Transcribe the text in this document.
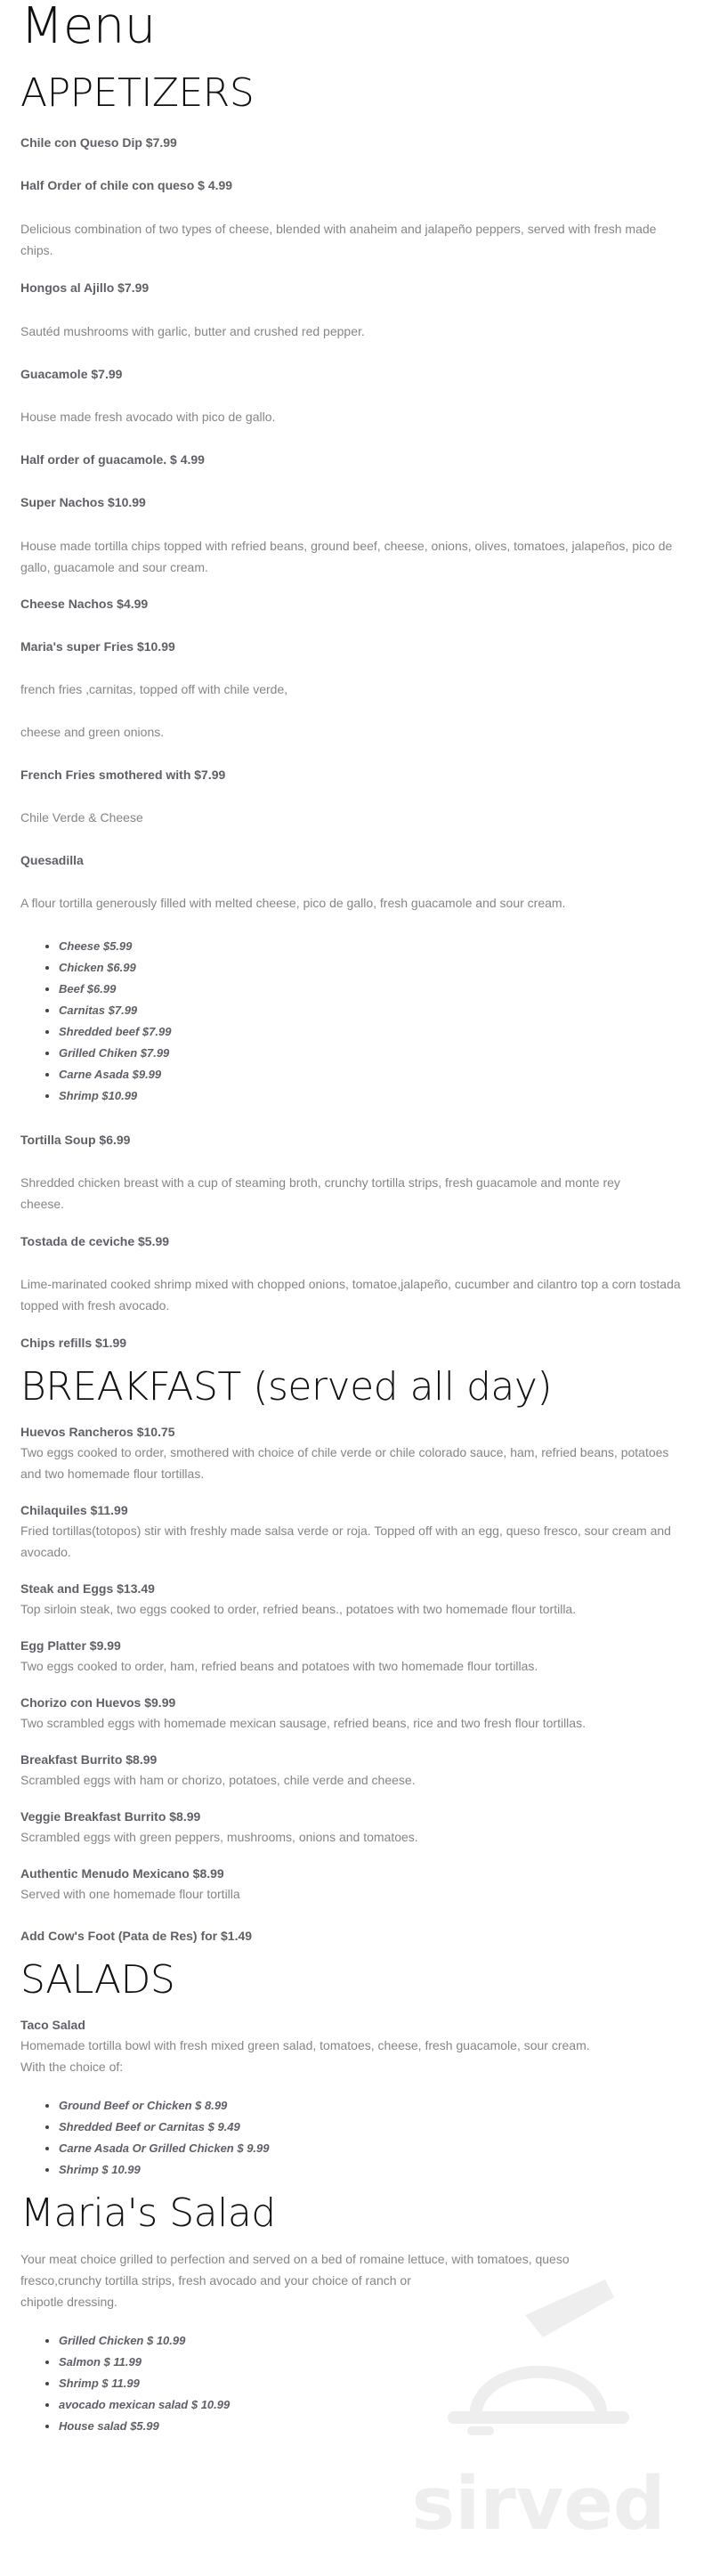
Menu
APPETIZERS

Chile con Queso Dip $7.99

Half Order of chile con queso $ 4.99

Delicious combination of two types of cheese, blended with anaheim and jalapeño peppers, served with fresh made chips.

Hongos al Ajillo $7.99

Sautéd mushrooms with garlic, butter and crushed red pepper.

Guacamole $7.99

House made fresh avocado with pico de gallo.

Half order of guacamole. $ 4.99

Super Nachos $10.99

House made tortilla chips topped with refried beans, ground beef, cheese, onions, olives, tomatoes, jalapeños, pico de gallo, guacamole and sour cream.

Cheese Nachos $4.99

Maria's super Fries $10.99

french fries ,carnitas, topped off with chile verde,

cheese and green onions.

French Fries smothered with $7.99

Chile Verde & Cheese

Quesadilla

A flour tortilla generously filled with melted cheese, pico de gallo, fresh guacamole and sour cream.

• Cheese $5.99
• Chicken $6.99
• Beef $6.99
• Carnitas $7.99
• Shredded beef $7.99
• Grilled Chiken $7.99
• Carne Asada $9.99
• Shrimp $10.99

Tortilla Soup $6.99

Shredded chicken breast with a cup of steaming broth, crunchy tortilla strips, fresh guacamole and monte rey cheese.

Tostada de ceviche $5.99

Lime-marinated cooked shrimp mixed with chopped onions, tomatoe,jalapeño, cucumber and cilantro top a corn tostada topped with fresh avocado.

Chips refills $1.99

BREAKFAST (served all day)

Huevos Rancheros $10.75

Two eggs cooked to order, smothered with choice of chile verde or chile colorado sauce, ham, refried beans, potatoes and two homemade flour tortillas.

Chilaquiles $11.99

Fried tortillas(totopos) stir with freshly made salsa verde or roja. Topped off with an egg, queso fresco, sour cream and avocado.

Steak and Eggs $13.49

Top sirloin steak, two eggs cooked to order, refried beans., potatoes with two homemade flour tortilla.

Egg Platter $9.99

Two eggs cooked to order, ham, refried beans and potatoes with two homemade flour tortillas.

Chorizo con Huevos $9.99

Two scrambled eggs with homemade mexican sausage, refried beans, rice and two fresh flour tortillas.

Breakfast Burrito $8.99

Scrambled eggs with ham or chorizo, potatoes, chile verde and cheese.

Veggie Breakfast Burrito $8.99

Scrambled eggs with green peppers, mushrooms, onions and tomatoes.

Authentic Menudo Mexicano $8.99

Served with one homemade flour tortilla

Add Cow's Foot (Pata de Res) for $1.49

SALADS

Taco Salad

Homemade tortilla bowl with fresh mixed green salad, tomatoes, cheese, fresh guacamole, sour cream.

With the choice of:

• Ground Beef or Chicken $ 8.99
• Shredded Beef or Carnitas $ 9.49
• Carne Asada Or Grilled Chicken $ 9.99
• Shrimp $ 10.99
Maria's Salad

Your meat choice grilled to perfection and served on a bed of romaine lettuce, with tomatoes, queso fresco,crunchy tortilla strips, fresh avocado and your choice of ranch or

chipotle dressing.

• Grilled Chicken $ 10.99
• Salmon $ 11.99
• Shrimp $ 11.99
• avocado mexican salad $ 10.99
• House salad $5.99
sirved
